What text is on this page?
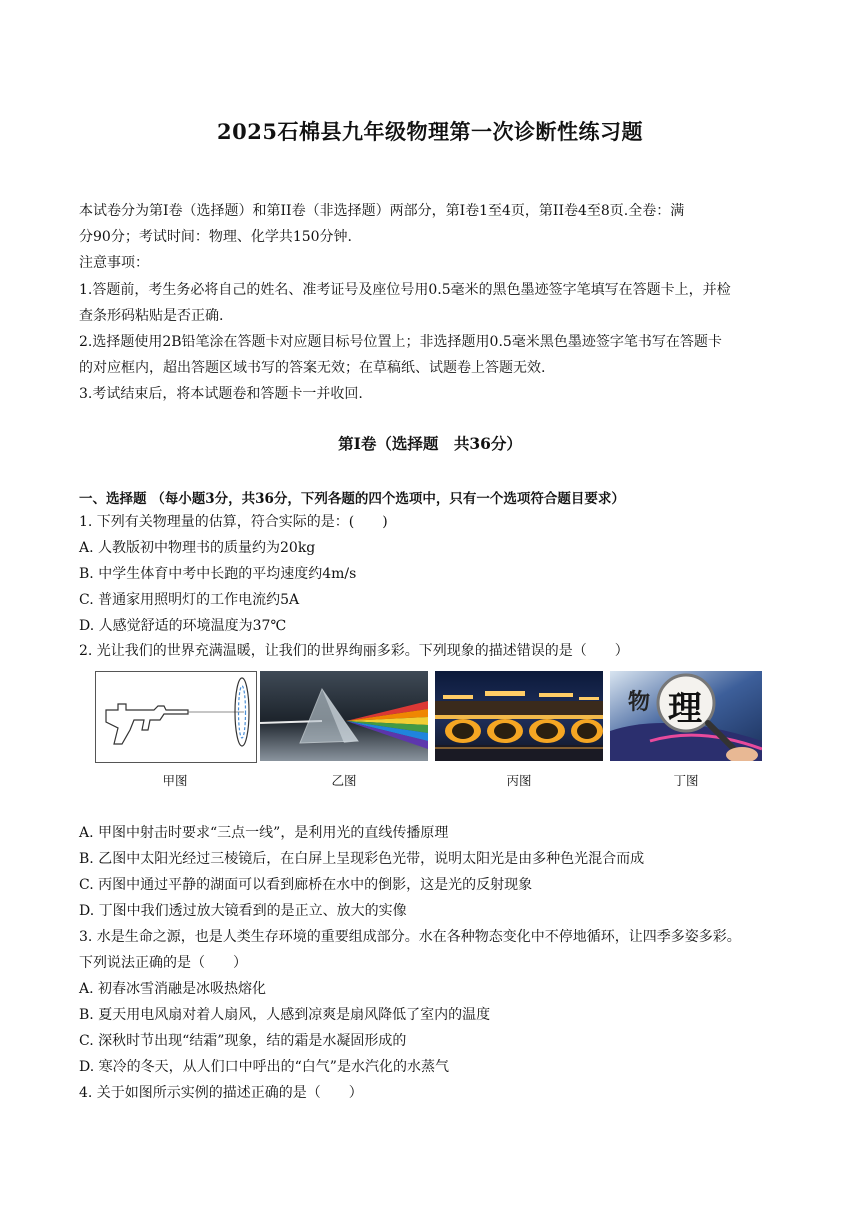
2025石棉县九年级物理第一次诊断性练习题
本试卷分为第I卷（选择题）和第II卷（非选择题）两部分，第I卷1至4页，第II卷4至8页.全卷：满
分90分；考试时间：物理、化学共150分钟.
注意事项：
1.答题前，考生务必将自己的姓名、准考证号及座位号用0.5毫米的黑色墨迹签字笔填写在答题卡上，并检
查条形码粘贴是否正确.
2.选择题使用2B铅笔涂在答题卡对应题目标号位置上；非选择题用0.5毫米黑色墨迹签字笔书写在答题卡
的对应框内，超出答题区域书写的答案无效；在草稿纸、试题卷上答题无效.
3.考试结束后，将本试题卷和答题卡一并收回.
第I卷（选择题　共36分）
一、选择题 （每小题3分，共36分，下列各题的四个选项中，只有一个选项符合题目要求）
1. 下列有关物理量的估算，符合实际的是：(　　)
A. 人教版初中物理书的质量约为20kg
B. 中学生体育中考中长跑的平均速度约4m/s
C. 普通家用照明灯的工作电流约5A
D. 人感觉舒适的环境温度为37℃
2. 光让我们的世界充满温暖，让我们的世界绚丽多彩。下列现象的描述错误的是（　　）
物 理
甲图	乙图	丙图	丁图
A. 甲图中射击时要求“三点一线”，是利用光的直线传播原理
B. 乙图中太阳光经过三棱镜后，在白屏上呈现彩色光带，说明太阳光是由多种色光混合而成
C. 丙图中通过平静的湖面可以看到廊桥在水中的倒影，这是光的反射现象
D. 丁图中我们透过放大镜看到的是正立、放大的实像
3. 水是生命之源，也是人类生存环境的重要组成部分。水在各种物态变化中不停地循环，让四季多姿多彩。
下列说法正确的是（　　）
A. 初春冰雪消融是冰吸热熔化
B. 夏天用电风扇对着人扇风，人感到凉爽是扇风降低了室内的温度
C. 深秋时节出现“结霜”现象，结的霜是水凝固形成的
D. 寒冷的冬天，从人们口中呼出的“白气”是水汽化的水蒸气
4. 关于如图所示实例的描述正确的是（　　）
